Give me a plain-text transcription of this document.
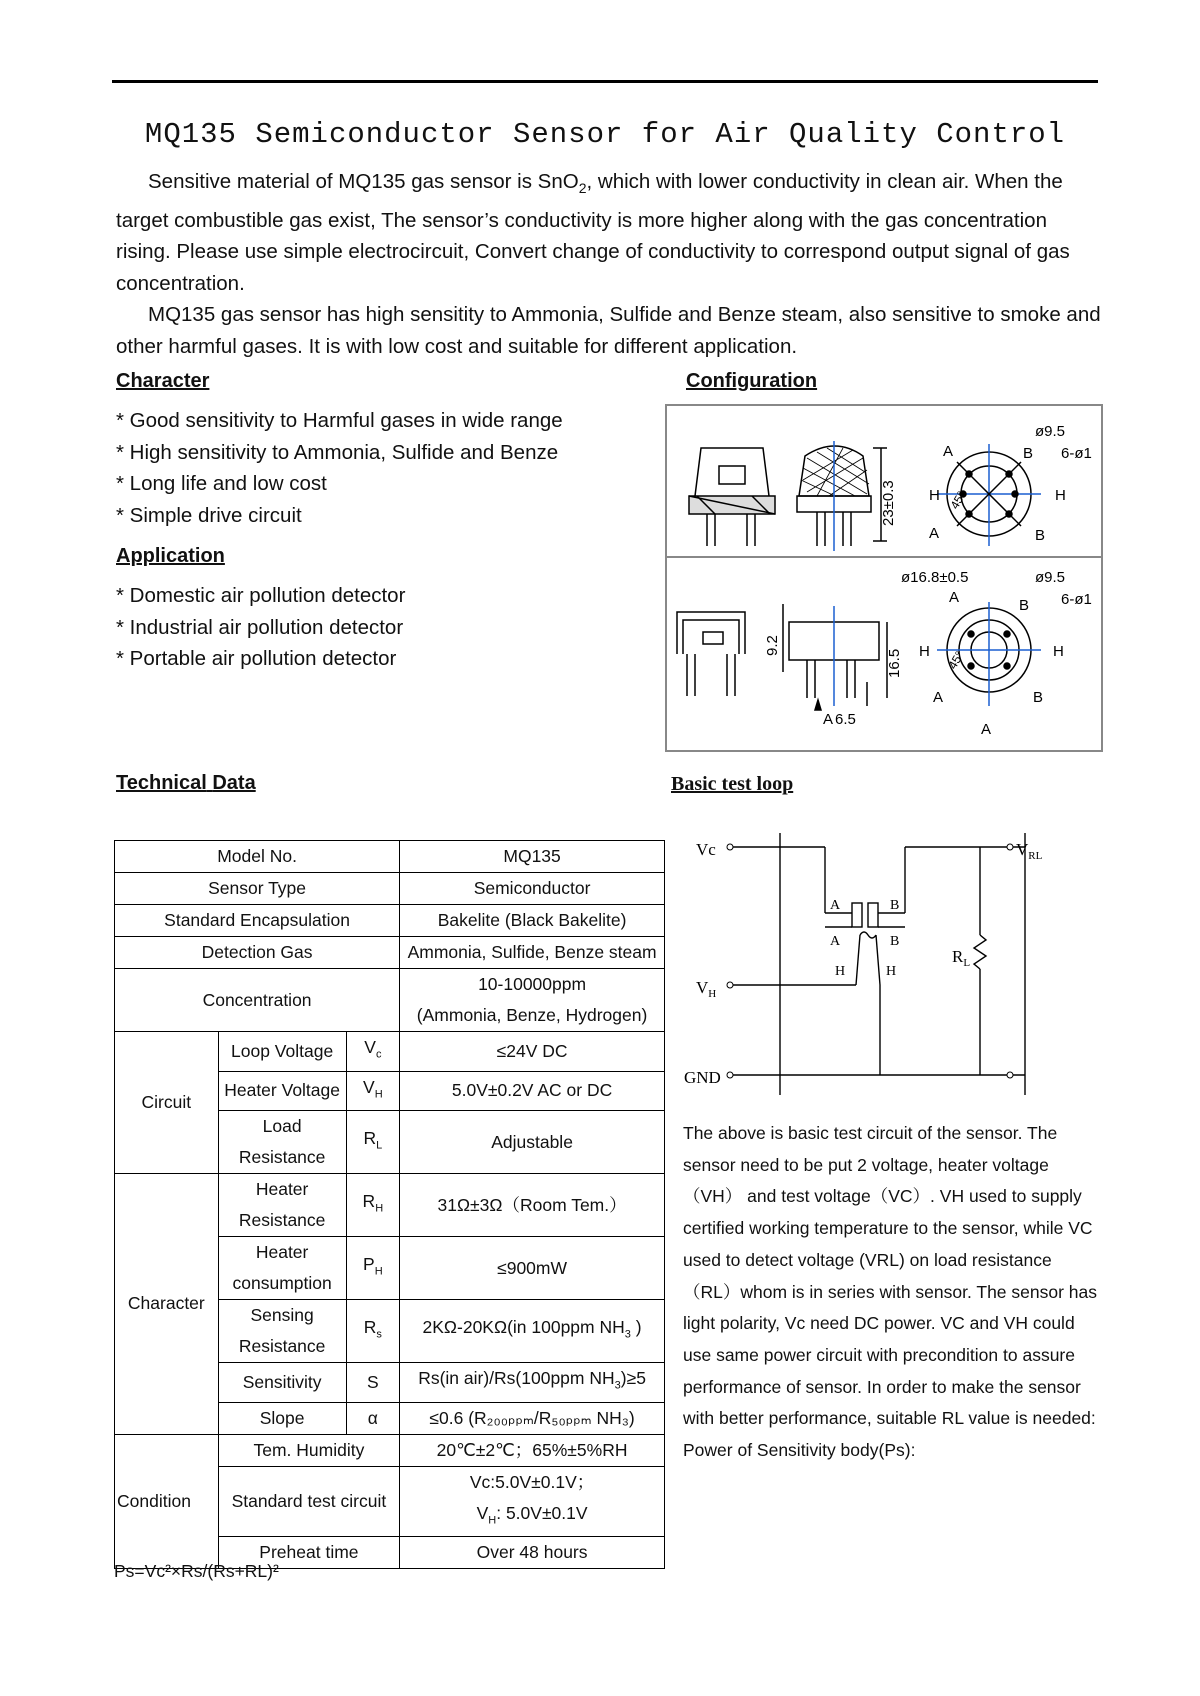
MQ135 Semiconductor Sensor for Air Quality Control

Sensitive material of MQ135 gas sensor is SnO$_2$, which with lower conductivity in clean air. When the target combustible gas exist, The sensor’s conductivity is more higher along with the gas concentration rising. Please use simple electrocircuit, Convert change of conductivity to correspond output signal of gas concentration.

MQ135 gas sensor has high sensitity to Ammonia, Sulfide and Benze steam, also sensitive to smoke and other harmful gases. It is with low cost and suitable for different application.

Character
* Good sensitivity to Harmful gases in wide range
* High sensitivity to Ammonia, Sulfide and Benze
* Long life and low cost
* Simple drive circuit
Application
* Domestic air pollution detector
* Industrial air pollution detector
* Portable air pollution detector
Configuration
23±0.3
ø9.5
6-ø1
A	B
H	H
A	B
45°
9.2
16.5
6.5
A
ø16.8±0.5	ø9.5
6-ø1
A	B
H	H
A	B
A
45°
Technical Data	Basic test loop
Model No.			MQ135
Sensor Type			Semiconductor
Standard Encapsulation			Bakelite (Black Bakelite)
Detection Gas			Ammonia, Sulfide, Benze steam
Concentration			10-10000ppm
(Ammonia, Benze, Hydrogen)
Circuit	Loop Voltage	$V_c$	≤24V DC
	Heater Voltage	$V_H$	5.0V±0.2V AC or DC
	Load
Resistance	$R_L$	Adjustable
Character	Heater
Resistance	$R_H$	31Ω±3Ω（Room Tem.）
	Heater
consumption	$P_H$	≤900mW
	Sensing
Resistance	$R_s$	2KΩ-20KΩ(in 100ppm $NH_3$ )
	Sensitivity	S	Rs(in air)/Rs(100ppm $NH_3)\ge 5$
	Slope	α	≤0.6 (R₂₀₀ₚₚₘ/R₅₀ₚₚₘ NH₃)
Condition	Tem. Humidity		20℃±2℃；65%±5%RH
	Standard test circuit		Vc:5.0V±0.1V；
$V_H$: 5.0V±0.1V
	Preheat time		Over 48 hours
Ps=Vc²×Rs/(Rs+RL)²
Vc	$V_{RL}$
$V_H$
GND
$R_L$
A	B
A	B
H	H
The above is basic test circuit of the sensor. The sensor need to be put 2 voltage, heater voltage（VH） and test voltage（VC）. VH used to supply certified working temperature to the sensor, while VC used to detect voltage (VRL) on load resistance （RL）whom is in series with sensor. The sensor has light polarity, Vc need DC power. VC and VH could use same power circuit with precondition to assure performance of sensor. In order to make the sensor with better performance, suitable RL value is needed:
Power of Sensitivity body(Ps):
